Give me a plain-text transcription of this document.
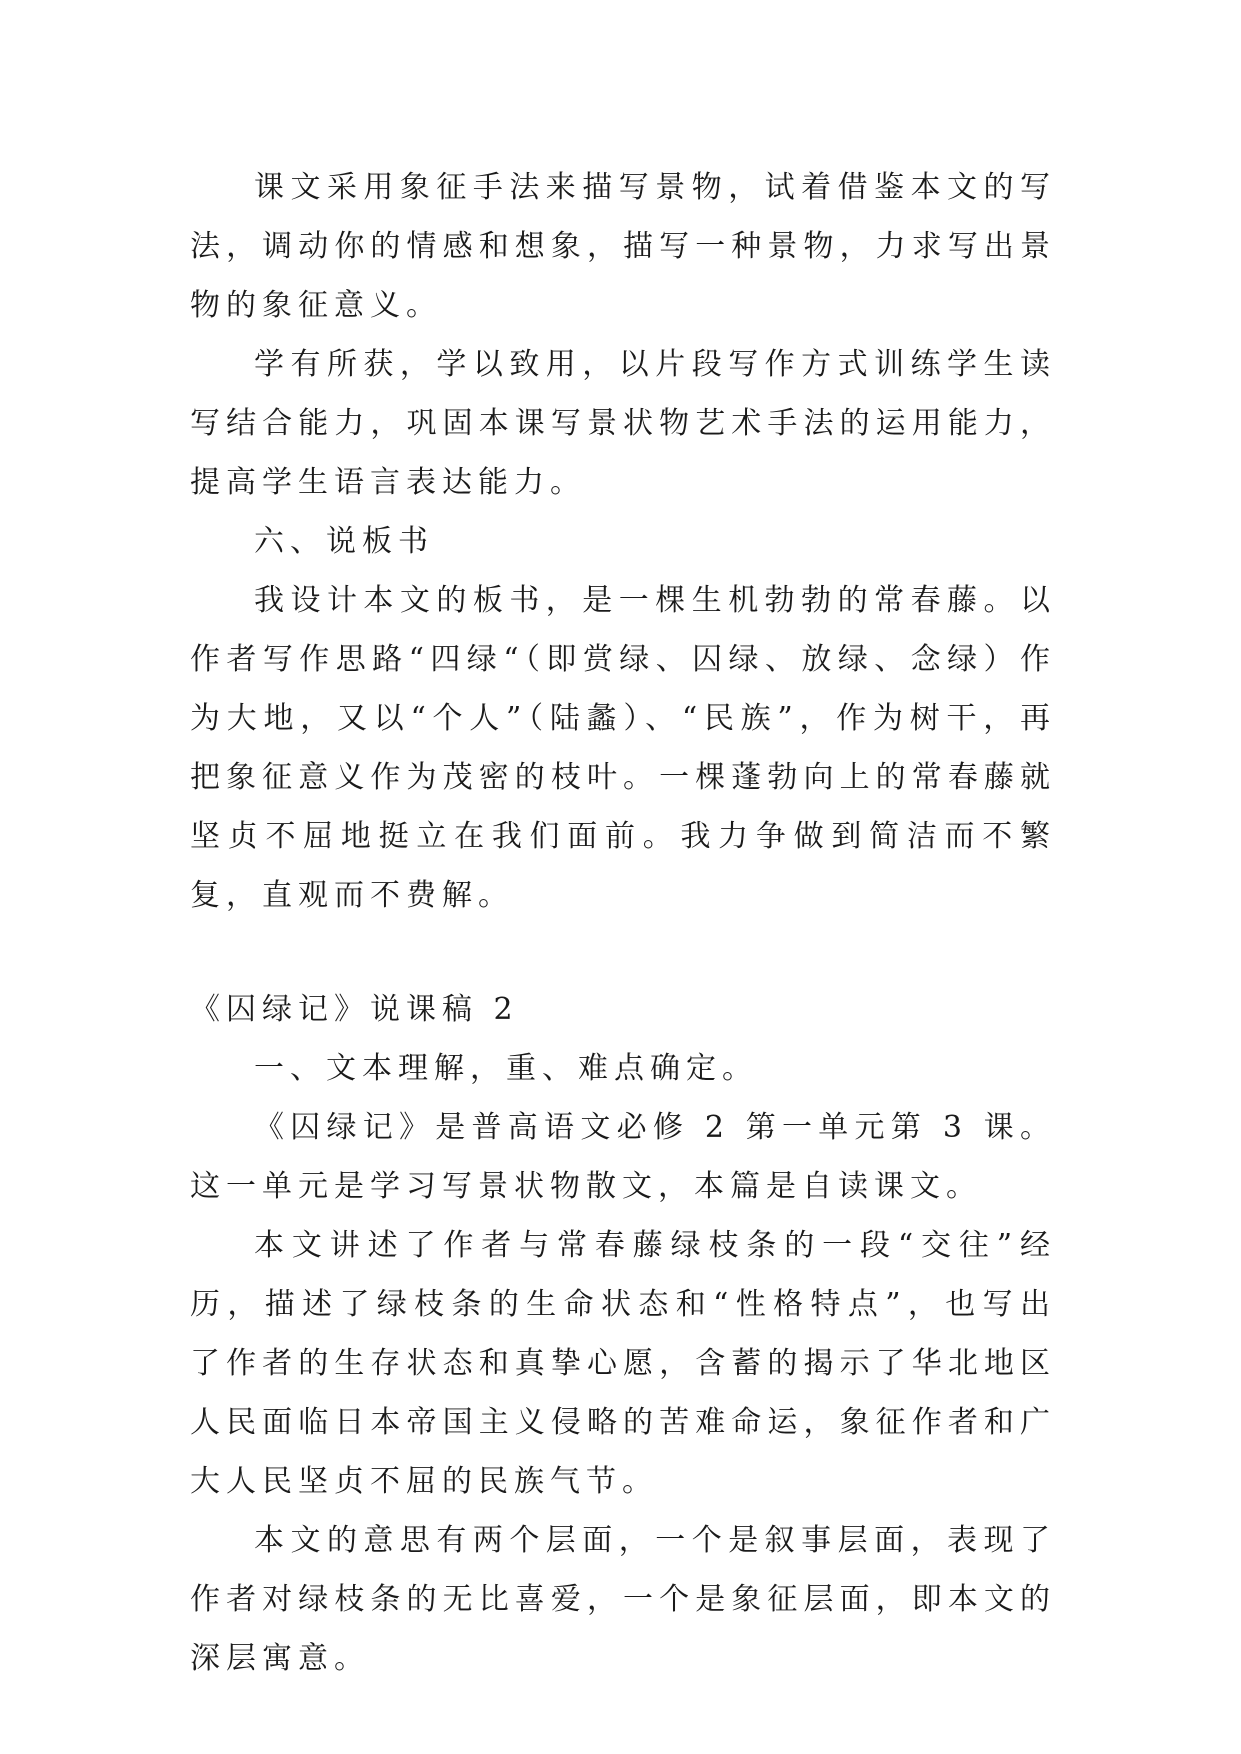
课文采用象征手法来描写景物，试着借鉴本文的写法，调动你的情感和想象，描写一种景物，力求写出景物的象征意义。

学有所获，学以致用，以片段写作方式训练学生读写结合能力，巩固本课写景状物艺术手法的运用能力，提高学生语言表达能力。

六、说板书

我设计本文的板书，是一棵生机勃勃的常春藤。以作者写作思路“四绿“（即赏绿、囚绿、放绿、念绿）作为大地，又以“个人”（陆蠡）、“民族”，作为树干，再把象征意义作为茂密的枝叶。一棵蓬勃向上的常春藤就坚贞不屈地挺立在我们面前。我力争做到简洁而不繁复，直观而不费解。

《囚绿记》说课稿 2

一、文本理解，重、难点确定。

《囚绿记》是普高语文必修 2 第一单元第 3 课。这一单元是学习写景状物散文，本篇是自读课文。

本文讲述了作者与常春藤绿枝条的一段“交往”经历，描述了绿枝条的生命状态和“性格特点”，也写出了作者的生存状态和真挚心愿，含蓄的揭示了华北地区人民面临日本帝国主义侵略的苦难命运，象征作者和广大人民坚贞不屈的民族气节。

本文的意思有两个层面，一个是叙事层面，表现了作者对绿枝条的无比喜爱，一个是象征层面，即本文的深层寓意。
